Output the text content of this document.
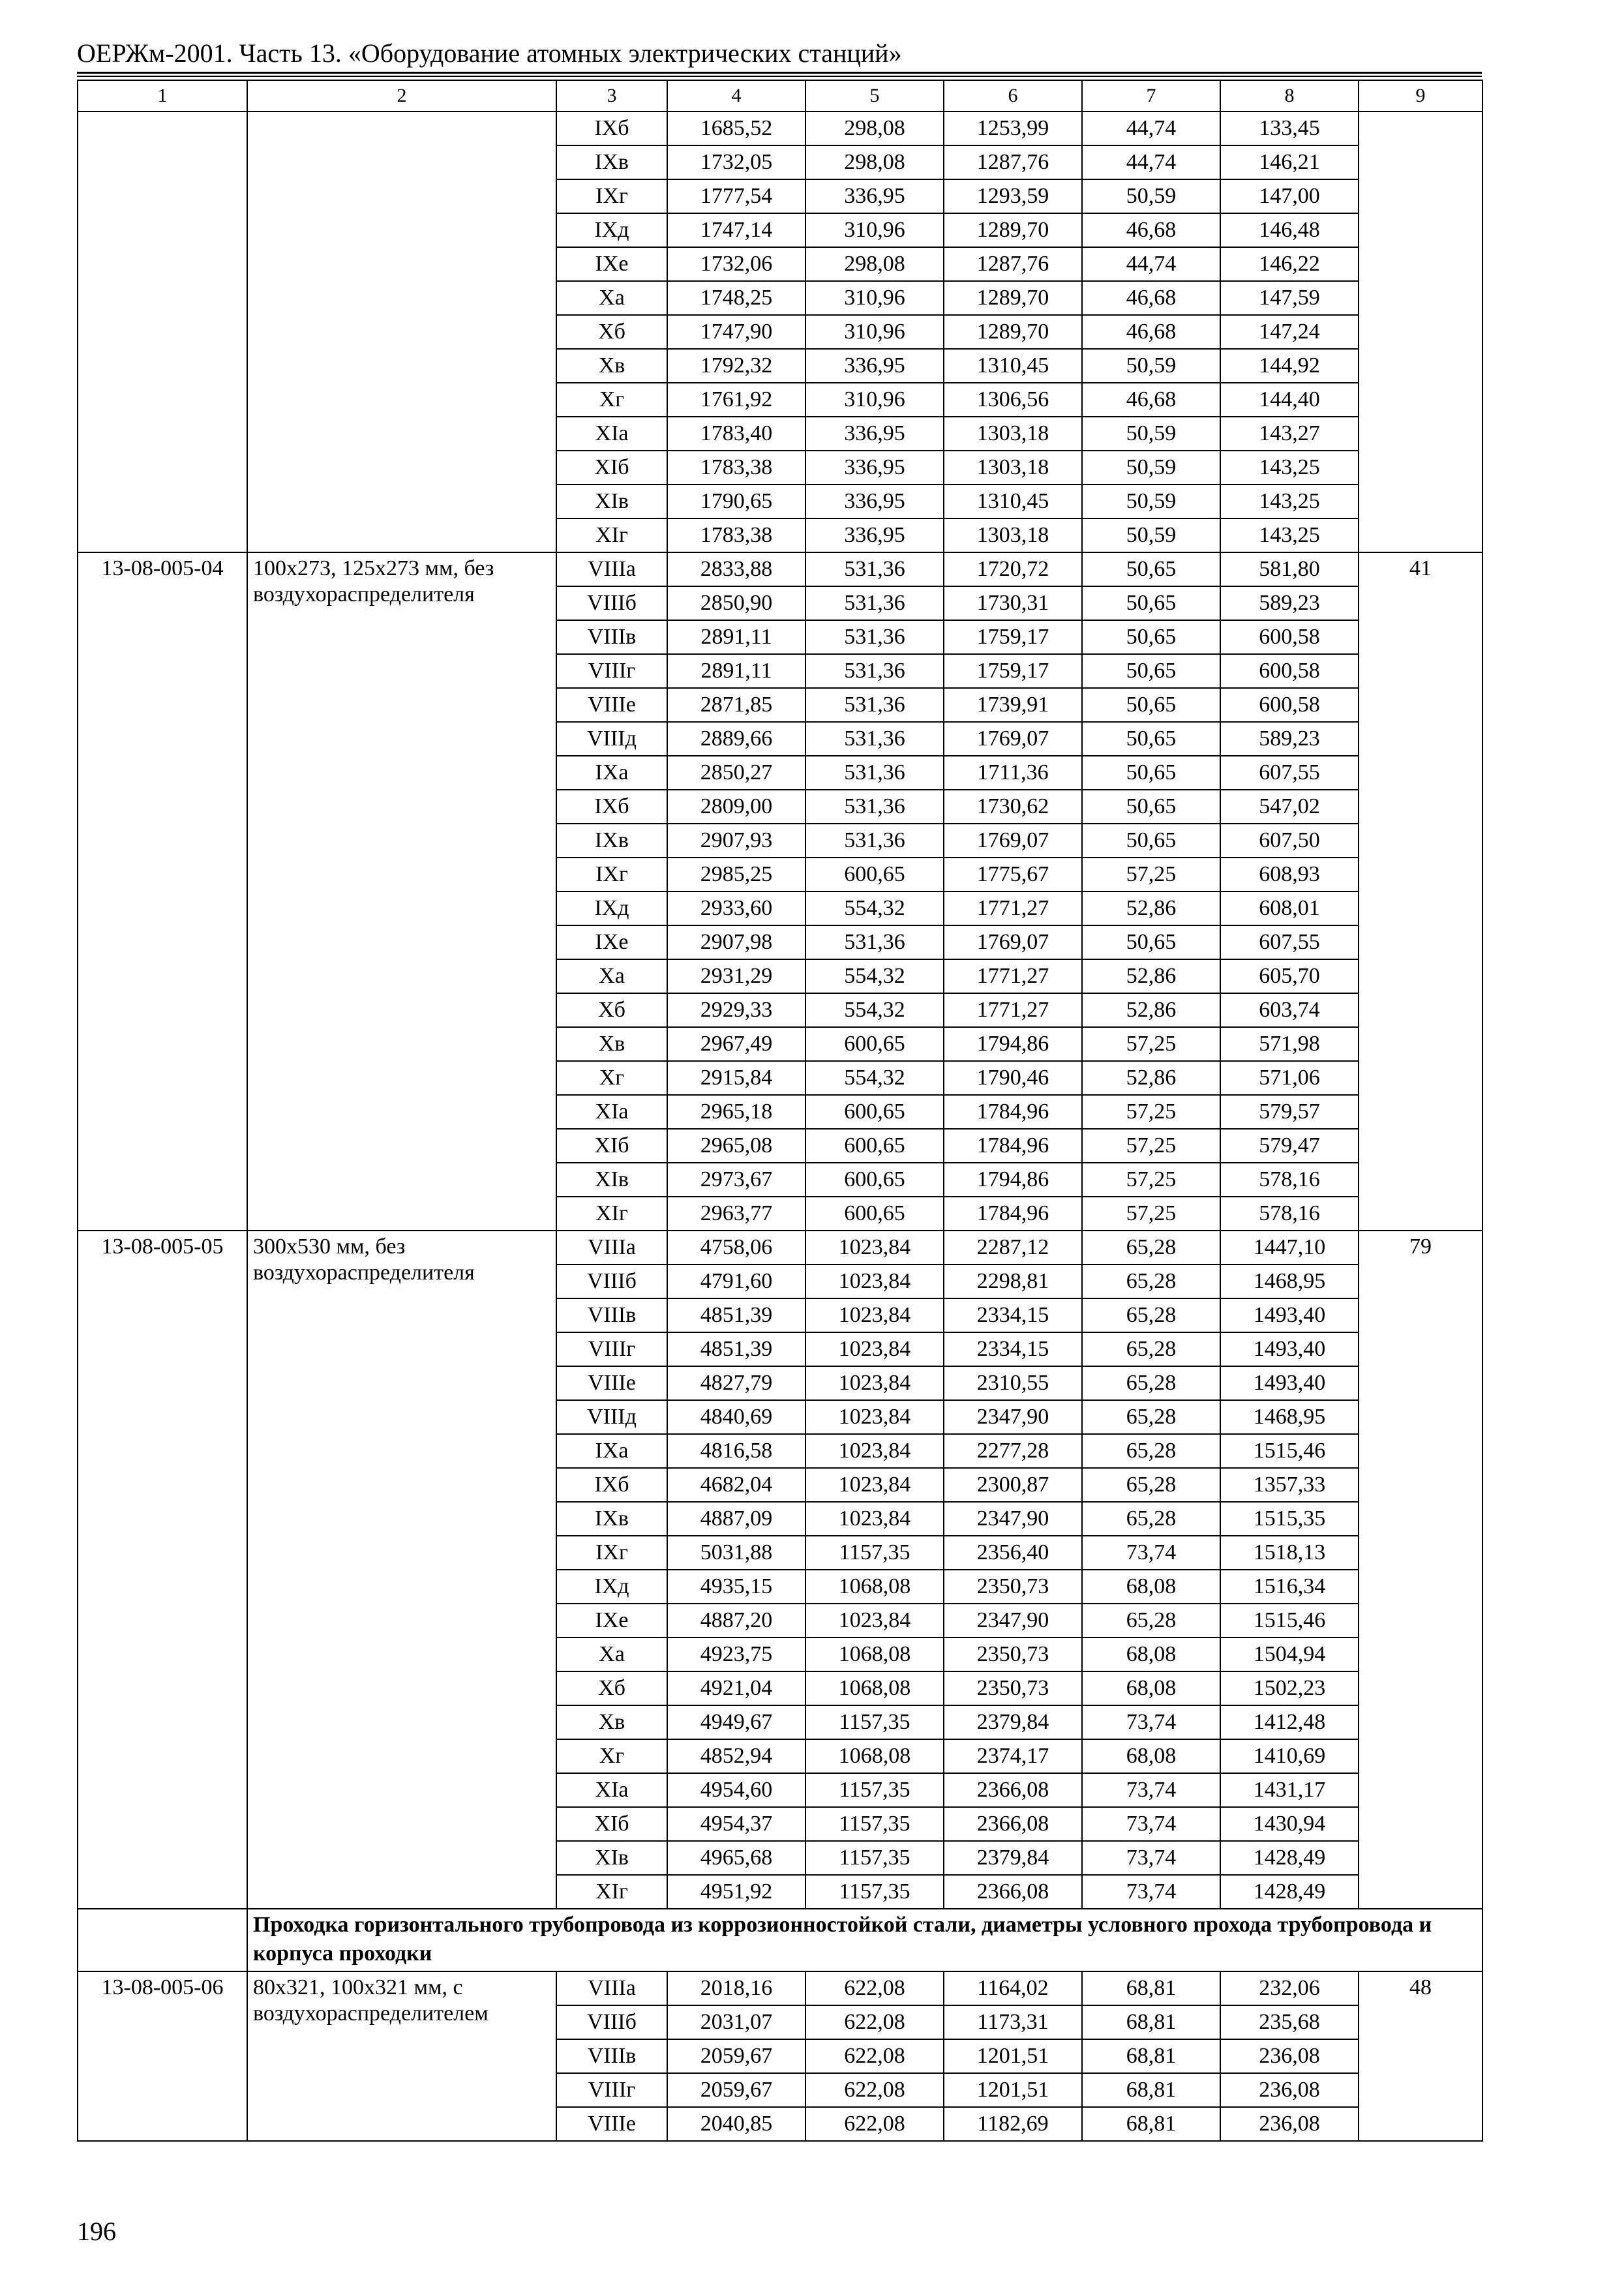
ОЕРЖм-2001. Часть 13. «Оборудование атомных электрических станций»
1	2	3	4	5	6	7	8	9
		IXб	1685,52	298,08	1253,99	44,74	133,45	
		IXв	1732,05	298,08	1287,76	44,74	146,21	
		IXг	1777,54	336,95	1293,59	50,59	147,00	
		IXд	1747,14	310,96	1289,70	46,68	146,48	
		IXе	1732,06	298,08	1287,76	44,74	146,22	
		Xа	1748,25	310,96	1289,70	46,68	147,59	
		Xб	1747,90	310,96	1289,70	46,68	147,24	
		Xв	1792,32	336,95	1310,45	50,59	144,92	
		Xг	1761,92	310,96	1306,56	46,68	144,40	
		XIа	1783,40	336,95	1303,18	50,59	143,27	
		XIб	1783,38	336,95	1303,18	50,59	143,25	
		XIв	1790,65	336,95	1310,45	50,59	143,25	
		XIг	1783,38	336,95	1303,18	50,59	143,25	
13-08-005-04	100x273, 125x273 мм, без воздухораспределителя	VIIIа	2833,88	531,36	1720,72	50,65	581,80	41
		VIIIб	2850,90	531,36	1730,31	50,65	589,23	
		VIIIв	2891,11	531,36	1759,17	50,65	600,58	
		VIIIг	2891,11	531,36	1759,17	50,65	600,58	
		VIIIе	2871,85	531,36	1739,91	50,65	600,58	
		VIIIд	2889,66	531,36	1769,07	50,65	589,23	
		IXа	2850,27	531,36	1711,36	50,65	607,55	
		IXб	2809,00	531,36	1730,62	50,65	547,02	
		IXв	2907,93	531,36	1769,07	50,65	607,50	
		IXг	2985,25	600,65	1775,67	57,25	608,93	
		IXд	2933,60	554,32	1771,27	52,86	608,01	
		IXе	2907,98	531,36	1769,07	50,65	607,55	
		Xа	2931,29	554,32	1771,27	52,86	605,70	
		Xб	2929,33	554,32	1771,27	52,86	603,74	
		Xв	2967,49	600,65	1794,86	57,25	571,98	
		Xг	2915,84	554,32	1790,46	52,86	571,06	
		XIа	2965,18	600,65	1784,96	57,25	579,57	
		XIб	2965,08	600,65	1784,96	57,25	579,47	
		XIв	2973,67	600,65	1794,86	57,25	578,16	
		XIг	2963,77	600,65	1784,96	57,25	578,16	
13-08-005-05	300x530 мм, без воздухораспределителя	VIIIа	4758,06	1023,84	2287,12	65,28	1447,10	79
		VIIIб	4791,60	1023,84	2298,81	65,28	1468,95	
		VIIIв	4851,39	1023,84	2334,15	65,28	1493,40	
		VIIIг	4851,39	1023,84	2334,15	65,28	1493,40	
		VIIIе	4827,79	1023,84	2310,55	65,28	1493,40	
		VIIIд	4840,69	1023,84	2347,90	65,28	1468,95	
		IXа	4816,58	1023,84	2277,28	65,28	1515,46	
		IXб	4682,04	1023,84	2300,87	65,28	1357,33	
		IXв	4887,09	1023,84	2347,90	65,28	1515,35	
		IXг	5031,88	1157,35	2356,40	73,74	1518,13	
		IXд	4935,15	1068,08	2350,73	68,08	1516,34	
		IXе	4887,20	1023,84	2347,90	65,28	1515,46	
		Xа	4923,75	1068,08	2350,73	68,08	1504,94	
		Xб	4921,04	1068,08	2350,73	68,08	1502,23	
		Xв	4949,67	1157,35	2379,84	73,74	1412,48	
		Xг	4852,94	1068,08	2374,17	68,08	1410,69	
		XIа	4954,60	1157,35	2366,08	73,74	1431,17	
		XIб	4954,37	1157,35	2366,08	73,74	1430,94	
		XIв	4965,68	1157,35	2379,84	73,74	1428,49	
		XIг	4951,92	1157,35	2366,08	73,74	1428,49	
	Проходка горизонтального трубопровода из коррозионностойкой стали, диаметры условного прохода трубопровода и корпуса проходки							
13-08-005-06	80x321, 100x321 мм, с воздухораспределителем	VIIIа	2018,16	622,08	1164,02	68,81	232,06	48
		VIIIб	2031,07	622,08	1173,31	68,81	235,68	
		VIIIв	2059,67	622,08	1201,51	68,81	236,08	
		VIIIг	2059,67	622,08	1201,51	68,81	236,08	
		VIIIе	2040,85	622,08	1182,69	68,81	236,08	
196
